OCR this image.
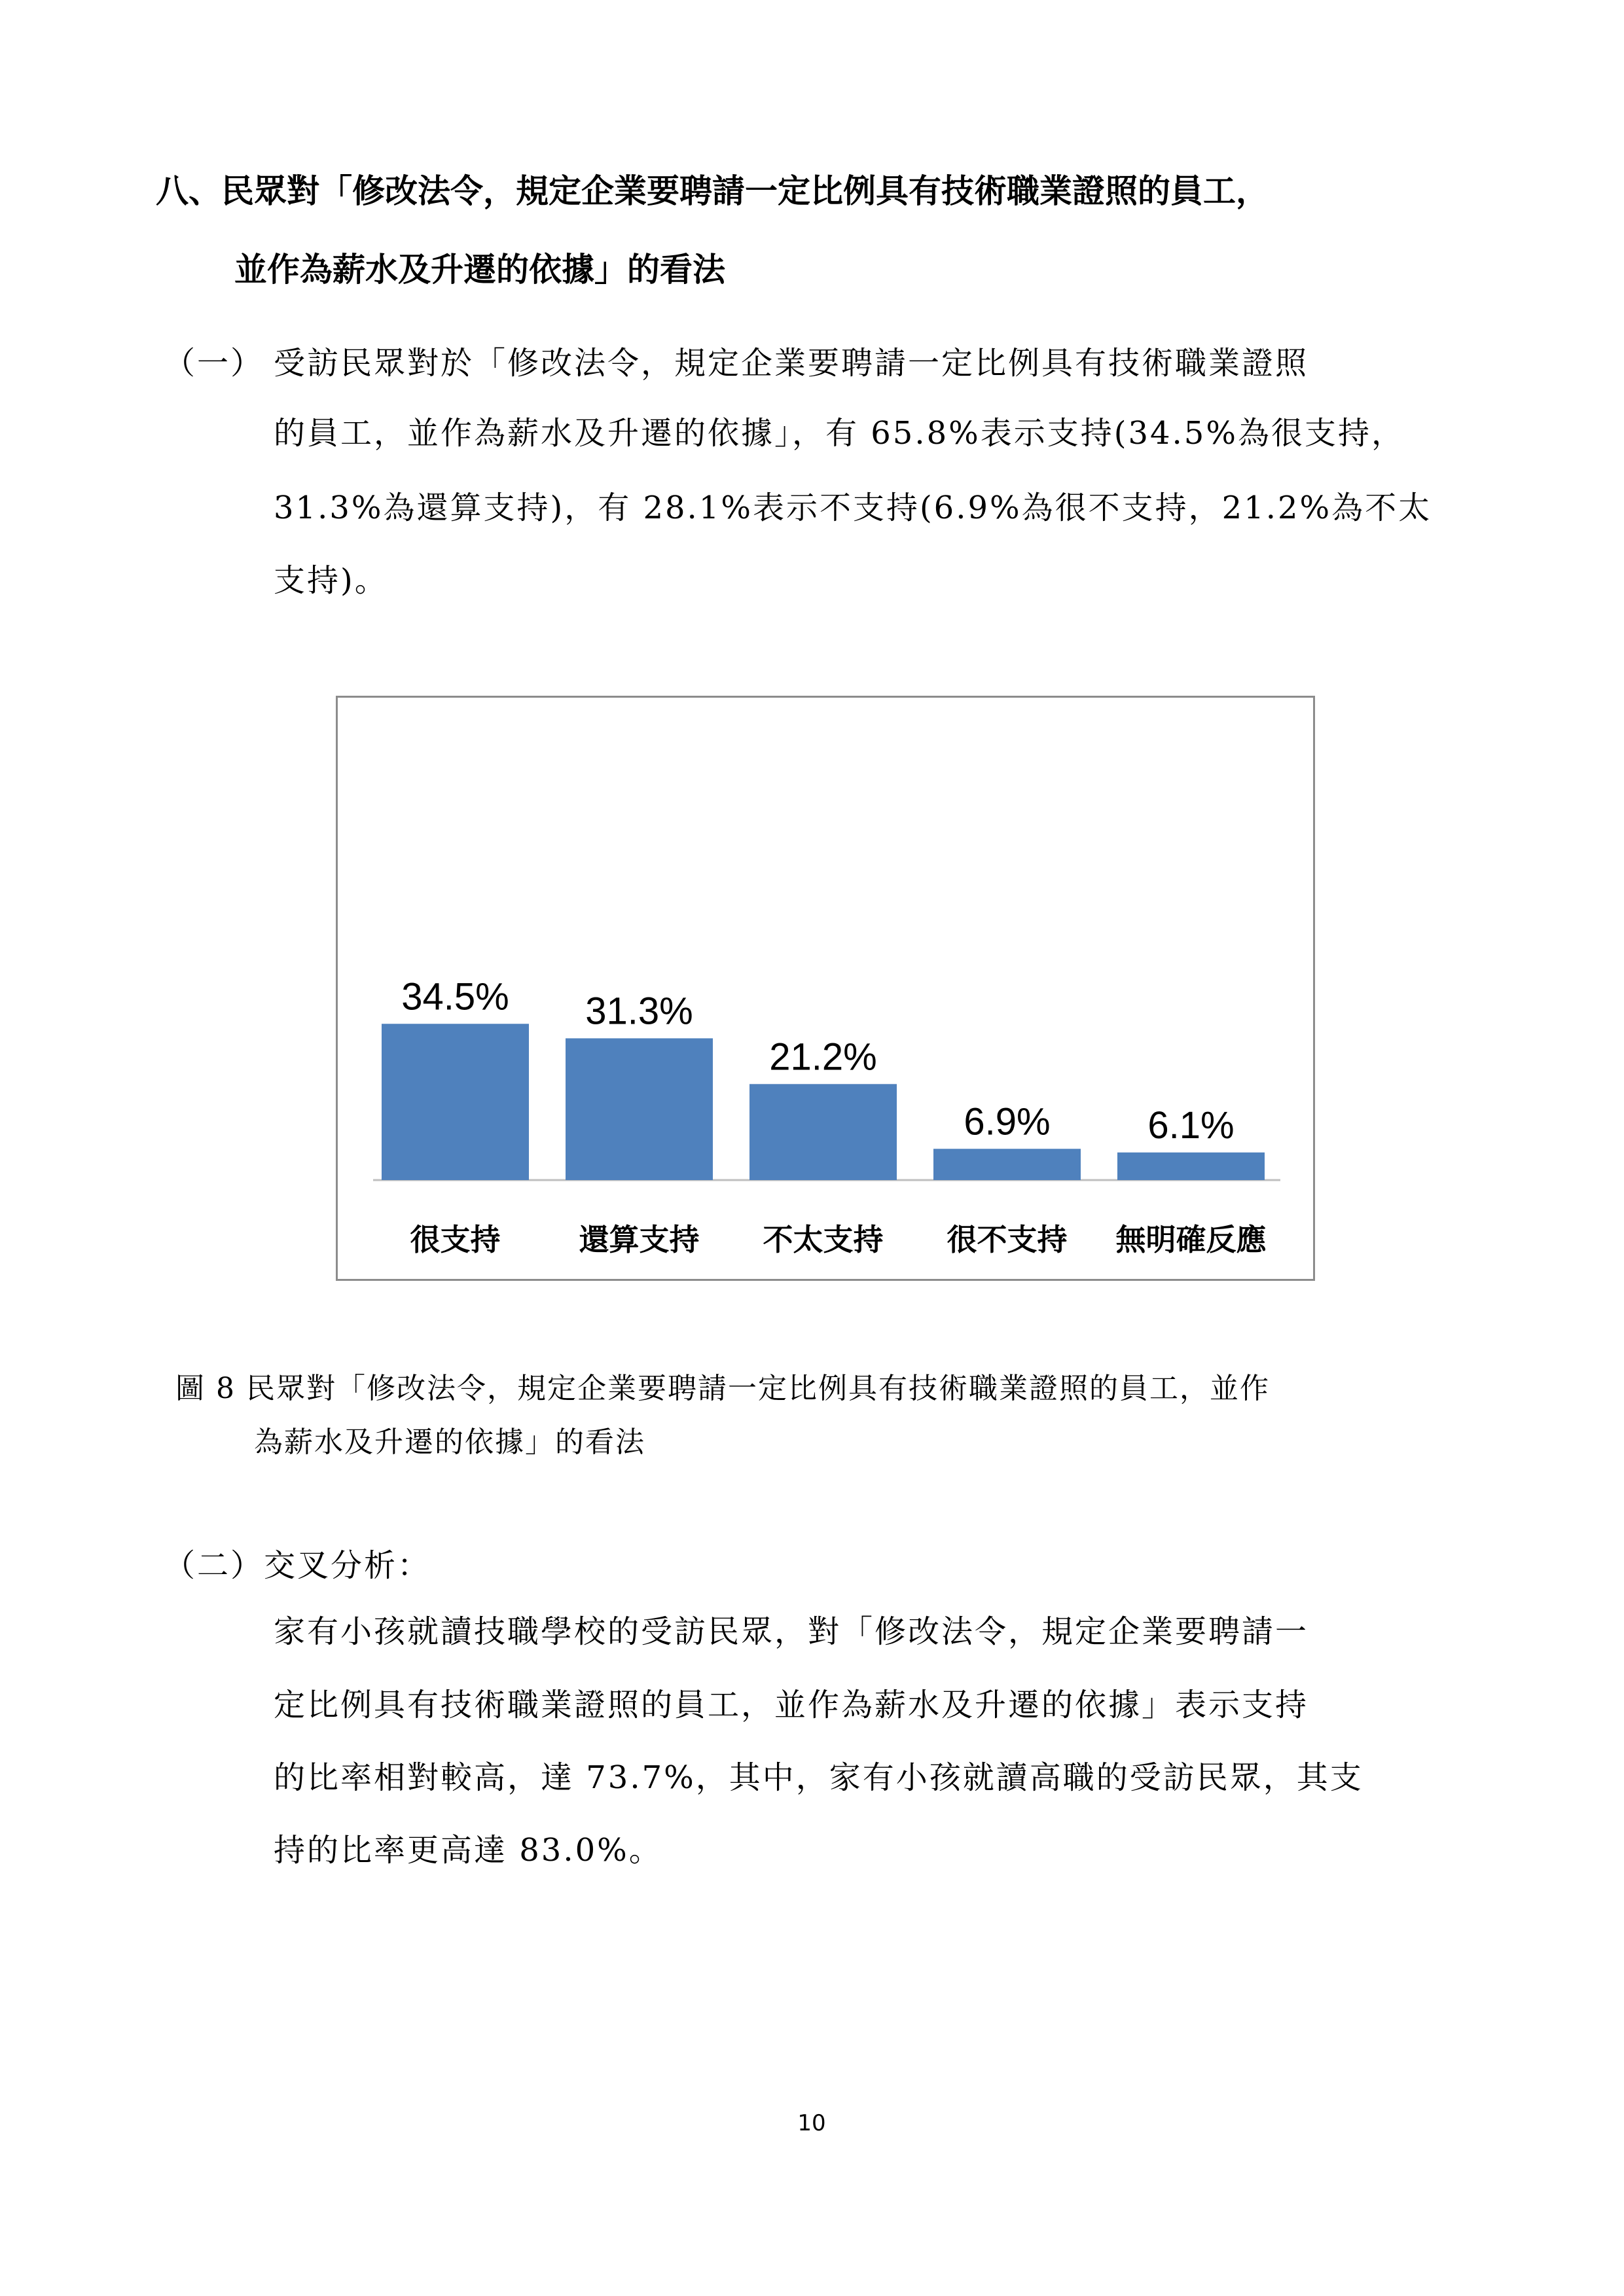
八、民眾對「修改法令，規定企業要聘請一定比例具有技術職業證照的員工，
並作為薪水及升遷的依據」的看法
（一） 受訪民眾對於「修改法令，規定企業要聘請一定比例具有技術職業證照
的員工，並作為薪水及升遷的依據」，有 65.8%表示支持(34.5%為很支持，
31.3%為還算支持)，有 28.1%表示不支持(6.9%為很不支持，21.2%為不太
支持)。
34.5%
很支持
31.3%
還算支持
21.2%
不太支持
6.9%
很不支持
6.1%
無明確反應
圖 8 民眾對「修改法令，規定企業要聘請一定比例具有技術職業證照的員工，並作
為薪水及升遷的依據」的看法
（二）交叉分析：
家有小孩就讀技職學校的受訪民眾，對「修改法令，規定企業要聘請一
定比例具有技術職業證照的員工，並作為薪水及升遷的依據」表示支持
的比率相對較高，達 73.7%，其中，家有小孩就讀高職的受訪民眾，其支
持的比率更高達 83.0%。
10
